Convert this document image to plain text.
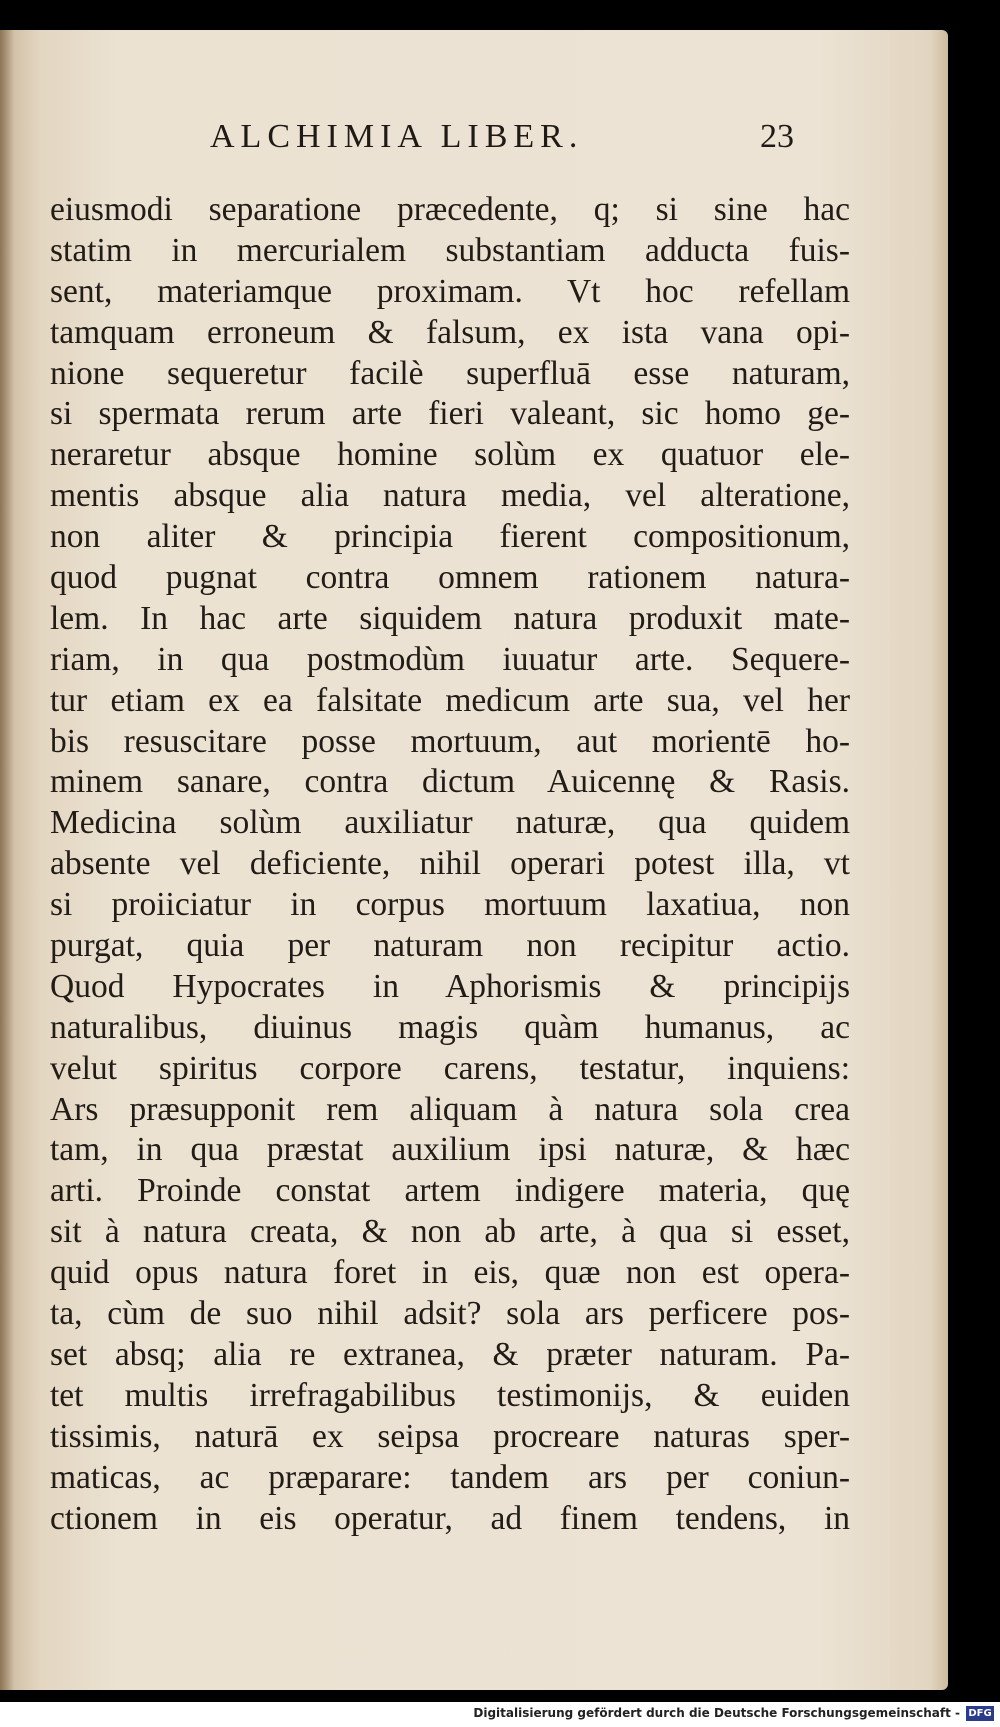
ALCHIMIA LIBER.	23
eiusmodi separatione præcedente, q; si sine hac
statim in mercurialem substantiam adducta fuis-
sent, materiamque proximam. Vt hoc refellam
tamquam erroneum & falsum, ex ista vana opi-
nione sequeretur facilè superfluā esse naturam,
si spermata rerum arte fieri valeant, sic homo ge-
neraretur absque homine solùm ex quatuor ele-
mentis absque alia natura media, vel alteratione,
non aliter & principia fierent compositionum,
quod pugnat contra omnem rationem natura-
lem. In hac arte siquidem natura produxit mate-
riam, in qua postmodùm iuuatur arte. Sequere-
tur etiam ex ea falsitate medicum arte sua, vel her
bis resuscitare posse mortuum, aut morientē ho-
minem sanare, contra dictum Auicennę & Rasis.
Medicina solùm auxiliatur naturæ, qua quidem
absente vel deficiente, nihil operari potest illa, vt
si proiiciatur in corpus mortuum laxatiua, non
purgat, quia per naturam non recipitur actio.
Quod Hypocrates in Aphorismis & principijs
naturalibus, diuinus magis quàm humanus, ac
velut spiritus corpore carens, testatur, inquiens:
Ars præsupponit rem aliquam à natura sola crea
tam, in qua præstat auxilium ipsi naturæ, & hæc
arti. Proinde constat artem indigere materia, quę
sit à natura creata, & non ab arte, à qua si esset,
quid opus natura foret in eis, quæ non est opera-
ta, cùm de suo nihil adsit? sola ars perficere pos-
set absq; alia re extranea, & præter naturam. Pa-
tet multis irrefragabilibus testimonijs, & euiden
tissimis, naturā ex seipsa procreare naturas sper-
maticas, ac præparare: tandem ars per coniun-
ctionem in eis operatur, ad finem tendens, in
Digitalisierung gefördert durch die Deutsche Forschungsgemeinschaft - DFG
